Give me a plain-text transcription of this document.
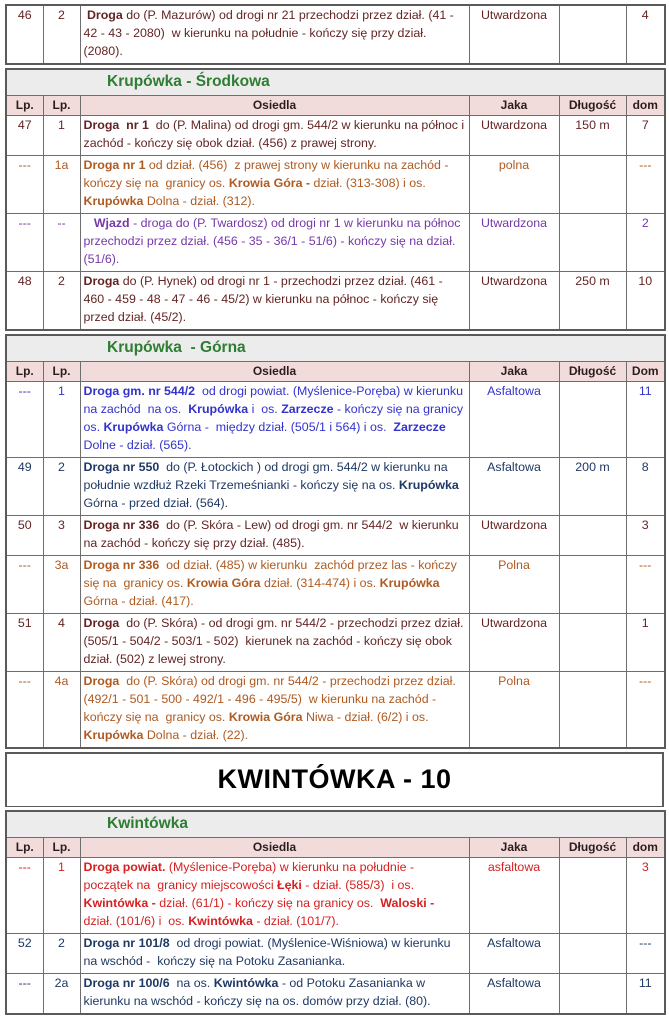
46	2	Droga do (P. Mazurów) od drogi nr 21 przechodzi przez dział. (41 - 42 - 43 - 2080)  w kierunku na południe - kończy się przy dział. (2080).	Utwardzona		4
Krupówka - Środkowa					
Lp.	Lp.	Osiedla	Jaka	Długość	dom
47	1	Droga  nr 1  do (P. Malina) od drogi gm. 544/2 w kierunku na północ i zachód - kończy się obok dział. (456) z prawej strony.	Utwardzona	150 m	7
---	1a	Droga nr 1 od dział. (456)  z prawej strony w kierunku na zachód - kończy się na  granicy os. Krowia Góra - dział. (313-308) i os. Krupówka Dolna - dział. (312).	polna		---
---	--	Wjazd - droga do (P. Twardosz) od drogi nr 1 w kierunku na północ przechodzi przez dział. (456 - 35 - 36/1 - 51/6) - kończy się na dział. (51/6).	Utwardzona		2
48	2	Droga do (P. Hynek) od drogi nr 1 - przechodzi przez dział. (461 - 460 - 459 - 48 - 47 - 46 - 45/2) w kierunku na północ - kończy się przed dział. (45/2).	Utwardzona	250 m	10
Krupówka  - Górna					
Lp.	Lp.	Osiedla	Jaka	Długość	Dom
---	1	Droga gm. nr 544/2  od drogi powiat. (Myślenice-Poręba) w kierunku na zachód  na os.  Krupówka i  os. Zarzecze - kończy się na granicy os. Krupówka Górna -  między dział. (505/1 i 564) i os.  Zarzecze Dolne - dział. (565).	Asfaltowa		11
49	2	Droga nr 550  do (P. Łotockich ) od drogi gm. 544/2 w kierunku na południe wzdłuż Rzeki Trzemeśnianki - kończy się na os. Krupówka Górna - przed dział. (564).	Asfaltowa	200 m	8
50	3	Droga nr 336  do (P. Skóra - Lew) od drogi gm. nr 544/2  w kierunku na zachód - kończy się przy dział. (485).	Utwardzona		3
---	3a	Droga nr 336  od dział. (485) w kierunku  zachód przez las - kończy się na  granicy os. Krowia Góra dział. (314-474) i os. Krupówka Górna - dział. (417).	Polna		---
51	4	Droga  do (P. Skóra) - od drogi gm. nr 544/2 - przechodzi przez dział. (505/1 - 504/2 - 503/1 - 502)  kierunek na zachód - kończy się obok dział. (502) z lewej strony.	Utwardzona		1
---	4a	Droga  do (P. Skóra) od drogi gm. nr 544/2 - przechodzi przez dział. (492/1 - 501 - 500 - 492/1 - 496 - 495/5)  w kierunku na zachód - kończy się na  granicy os. Krowia Góra Niwa - dział. (6/2) i os. Krupówka Dolna - dział. (22).	Polna		---
KWINTÓWKA - 10
Kwintówka					
Lp.	Lp.	Osiedla	Jaka	Długość	dom
---	1	Droga powiat. (Myślenice-Poręba) w kierunku na południe - początek na  granicy miejscowości Łęki - dział. (585/3)  i os. Kwintówka - dział. (61/1) - kończy się na granicy os.  Waloski - dział. (101/6) i  os. Kwintówka - dział. (101/7).	asfaltowa		3
52	2	Droga nr 101/8  od drogi powiat. (Myślenice-Wiśniowa) w kierunku na wschód -  kończy się na Potoku Zasanianka.	Asfaltowa		---
---	2a	Droga nr 100/6  na os. Kwintówka - od Potoku Zasanianka w kierunku na wschód - kończy się na os. domów przy dział. (80).	Asfaltowa		11
